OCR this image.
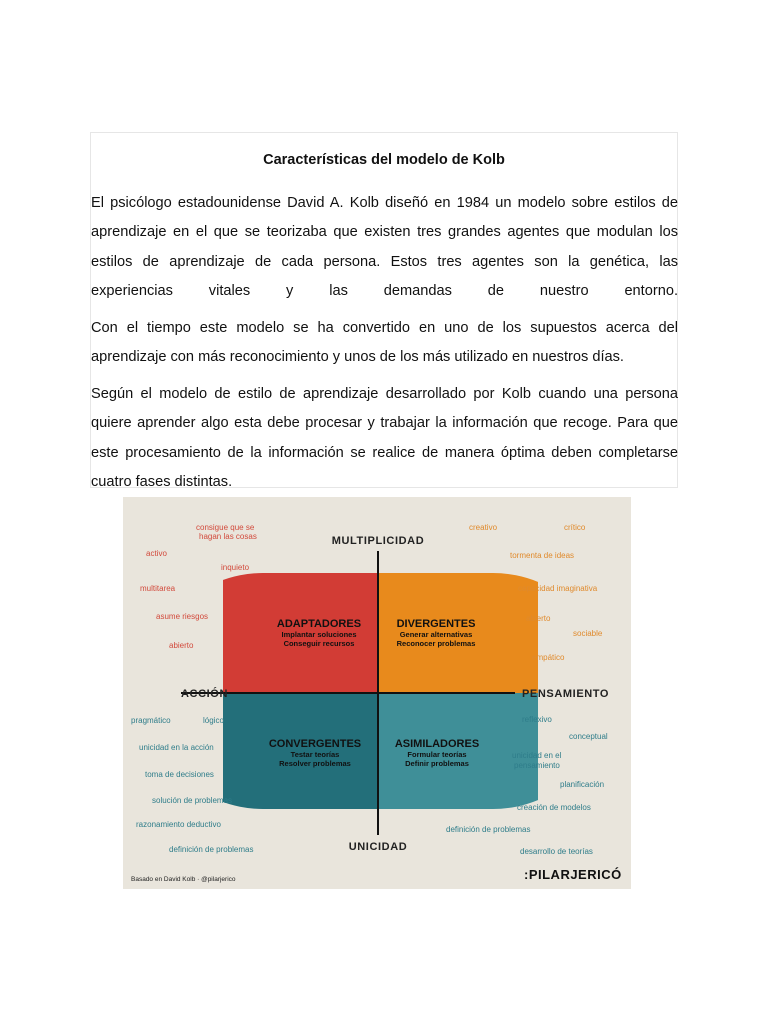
Características del modelo de Kolb

El psicólogo estadounidense David A. Kolb diseñó en 1984 un modelo sobre estilos de aprendizaje en el que se teorizaba que existen tres grandes agentes que modulan los estilos de aprendizaje de cada persona. Estos tres agentes son la genética, las experiencias vitales y las demandas de nuestro entorno.

Con el tiempo este modelo se ha convertido en uno de los supuestos acerca del aprendizaje con más reconocimiento y unos de los más utilizado en nuestros días.

Según el modelo de estilo de aprendizaje desarrollado por Kolb cuando una persona quiere aprender algo esta debe procesar y trabajar la información que recoge. Para que este procesamiento de la información se realice de manera óptima deben completarse cuatro fases distintas.

MULTIPLICIDAD
UNICIDAD
ACCIÓN	PENSAMIENTO
ADAPTADORES
Implantar soluciones
Conseguir recursos
DIVERGENTES
Generar alternativas
Reconocer problemas
CONVERGENTES
Testar teorías
Resolver problemas
ASIMILADORES
Formular teorías
Definir problemas
consigue que se
hagan las cosas
activo
inquieto
multitarea
asume riesgos
abierto
creativo	crítico
tormenta de ideas
capacidad imaginativa
abierto
sociable
empático
pragmático	lógico
unicidad en la acción
toma de decisiones
solución de problemas
razonamiento deductivo
definición de problemas
reflexivo
conceptual
unicidad en el
pensamiento
planificación
creación de modelos
definición de problemas
desarrollo de teorías
Basado en David Kolb · @pilarjerico	:PILARJERICÓ
